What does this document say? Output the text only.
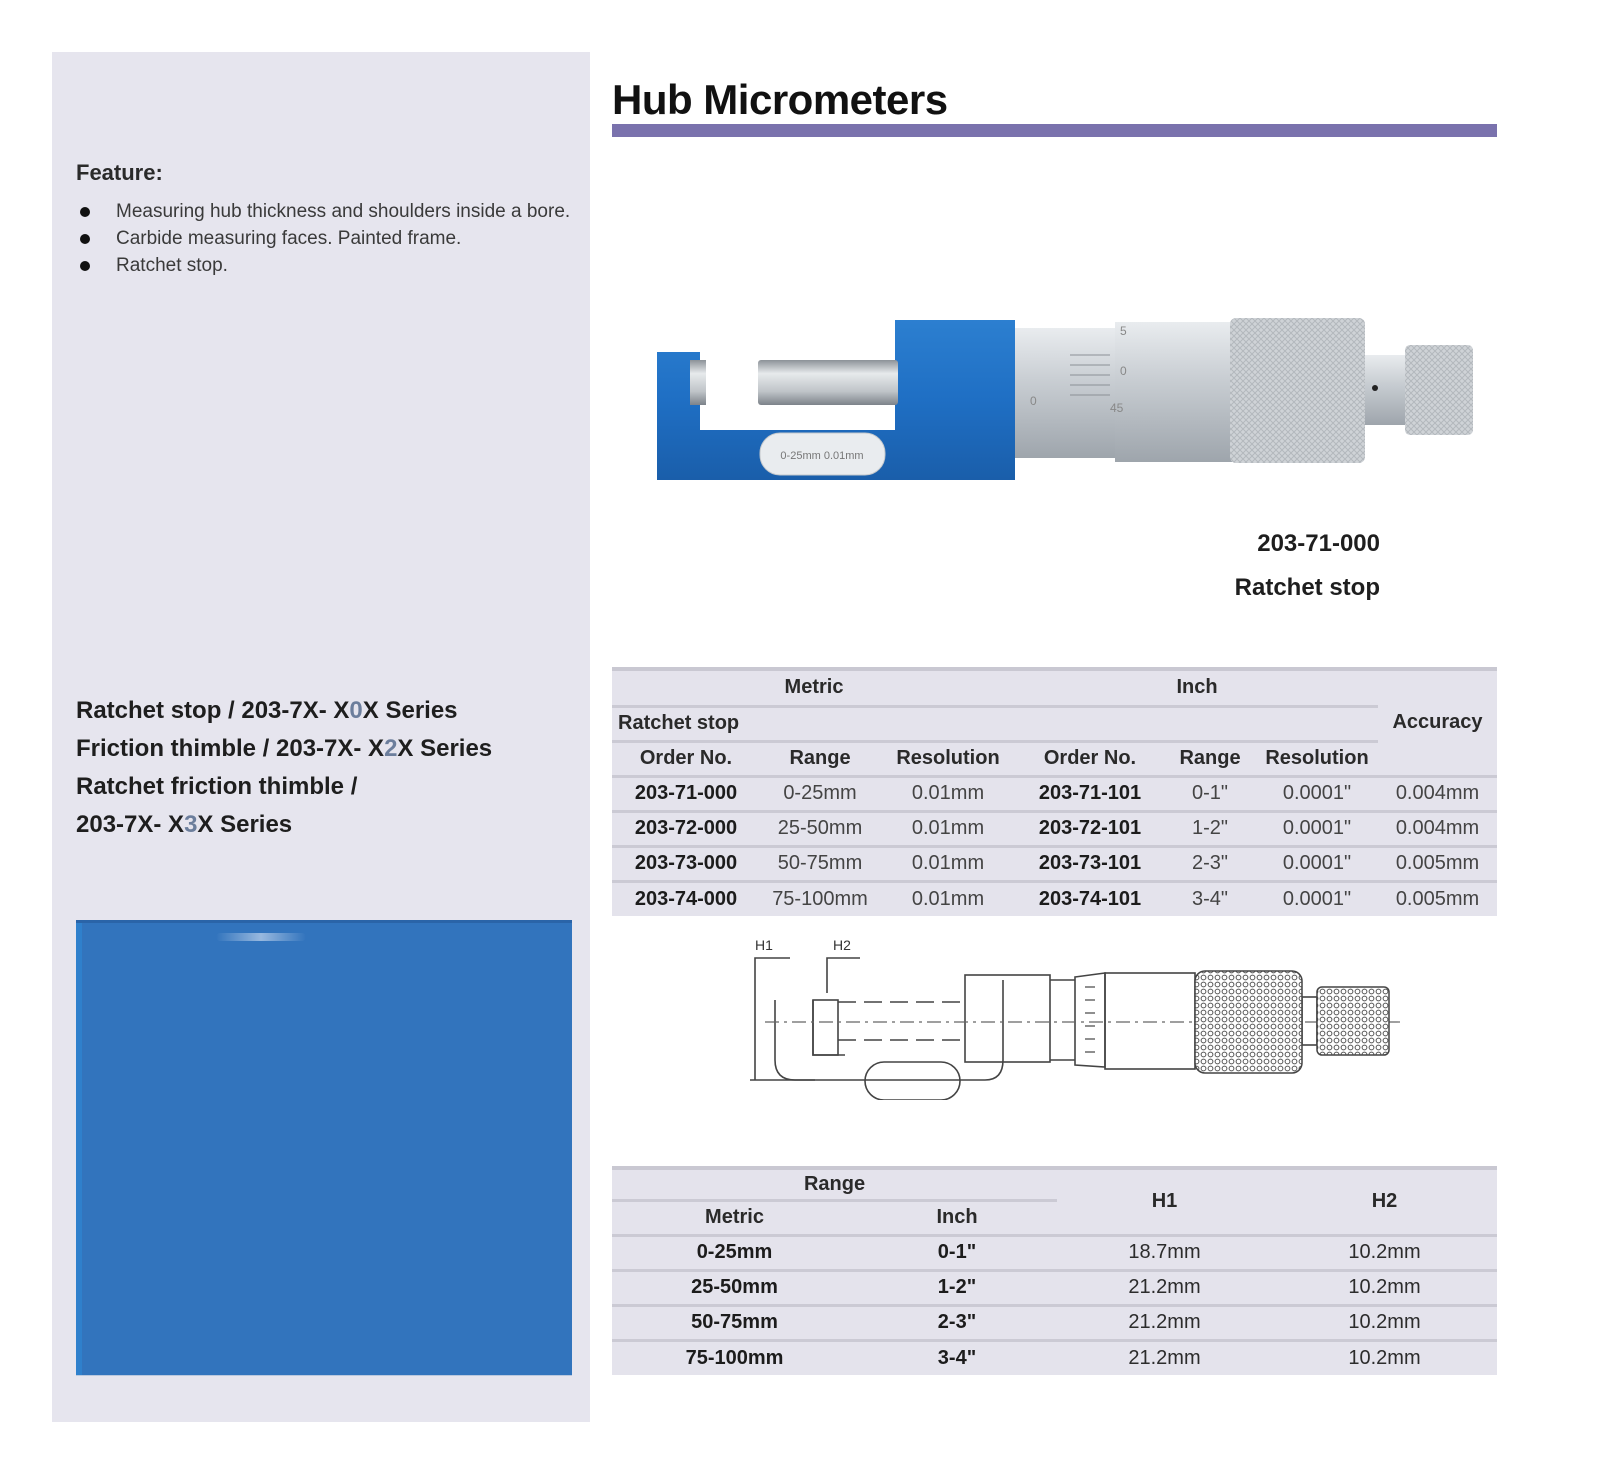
Feature:
Measuring hub thickness and shoulders inside a bore.
Carbide measuring faces. Painted frame.
Ratchet stop.
Ratchet stop / 203-7X- X0X Series
Friction thimble / 203-7X- X2X Series
Ratchet friction thimble /
203-7X- X3X Series
Hub Micrometers
0-25mm 0.01mm
5
0
45
0
203-71-000
Ratchet stop
Metric			Inch			Accuracy
Ratchet stop						
Order No.	Range	Resolution	Order No.	Range	Resolution	
203-71-000	0-25mm	0.01mm	203-71-101	0-1"	0.0001"	0.004mm
203-72-000	25-50mm	0.01mm	203-72-101	1-2"	0.0001"	0.004mm
203-73-000	50-75mm	0.01mm	203-73-101	2-3"	0.0001"	0.005mm
203-74-000	75-100mm	0.01mm	203-74-101	3-4"	0.0001"	0.005mm
H1	H2
Range		H1	H2
Metric	Inch		
0-25mm	0-1"	18.7mm	10.2mm
25-50mm	1-2"	21.2mm	10.2mm
50-75mm	2-3"	21.2mm	10.2mm
75-100mm	3-4"	21.2mm	10.2mm
